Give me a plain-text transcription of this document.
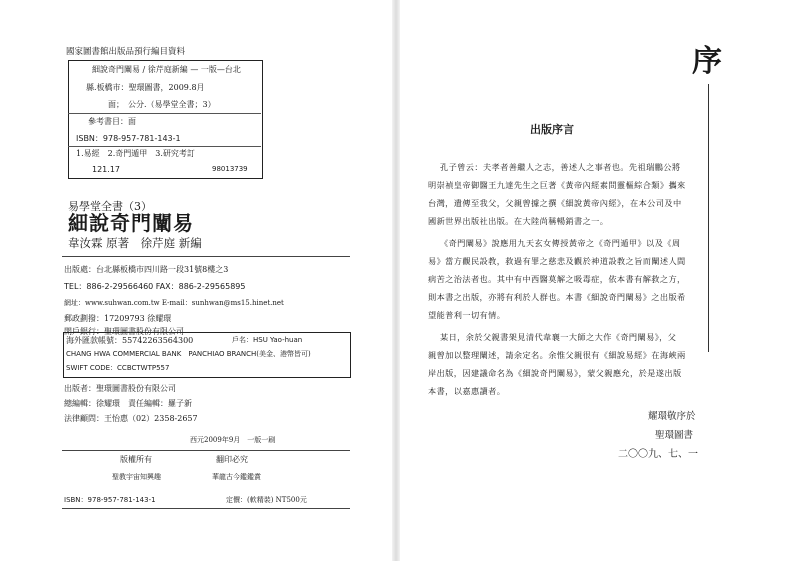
國家圖書館出版品預行編目資料
細說奇門闡易 / 徐芹庭新編 — 一版—台北
縣.板橋市：聖環圖書，2009.8月
面；　公分.（易學堂全書；3）
參考書目：面
ISBN：978-957-781-143-1
1.易經　2.奇門遁甲　3.研究考訂
121.17	98013739
易學堂全書（3）
細說奇門闡易
韋汝霖 原著　徐芹庭 新編
出版處：台北縣板橋市四川路一段31號8樓之3
TEL：886-2-29566460 FAX：886-2-29565895
網址：www.suhwan.com.tw E-mail：sunhwan@ms15.hinet.net
郵政劃撥：17209793 徐耀環
開戶銀行：聖環圖書股份有限公司
海外匯款帳號：55742263564300	戶名：HSU Yao-huan
CHANG HWA COMMERCIAL BANK　PANCHIAO BRANCH(美金、港幣皆可)
SWIFT CODE：CCBCTWTP557
出版者：聖環圖書股份有限公司
總編輯：徐耀環　責任編輯：羅子新
法律顧問：王怡惠（02）2358-2657
西元2009年9月　一版一刷
版權所有	翻印必究
聖教宇宙知興趣	華龍古今鑑鑑賞
ISBN：978-957-781-143-1	定價：(軟精裝) NT500元
序
出版序言
孔子曾云：夫孝者善繼人之志，善述人之事者也。先祖瑞鵬公將
明崇禎皇帝御醫王九達先生之巨著《黃帝內經素問靈樞綜合類》攜來
台灣，遺傳至我父，父親曾據之撰《細說黃帝內經》，在本公司及中
國新世界出版社出版。在大陸尚稱暢銷書之一。
《奇門闡易》說應用九天玄女傳授黃帝之《奇門遁甲》以及《周
易》當方觀民設教，救過有罪之慈悲及觀於神道設教之旨而闡述人間
病苦之治法者也。其中有中西醫莫解之吸毒症，依本書有解救之方，
則本書之出版，亦將有利於人群也。本書《細說奇門闡易》之出版希
望能普利一切有情。
某日，余於父親書架見清代韋襄一大師之大作《奇門闡易》，父
親曾加以整理闡述，請余定名。余惟父親很有《細說易經》在海峽兩
岸出版，因建議命名為《細說奇門闡易》，蒙父親應允，於是遂出版
本書，以嘉惠讀者。
耀環敬序於
聖環圖書
二〇〇九、七、一
